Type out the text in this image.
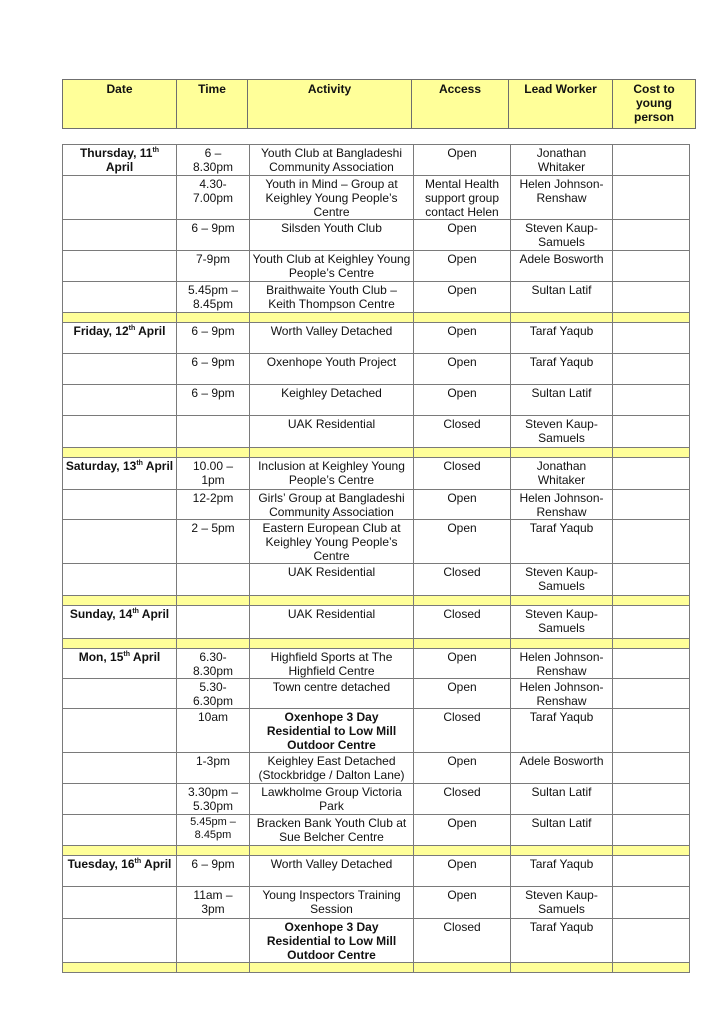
Date	Time	Activity	Access	Lead Worker	Cost to young person
Thursday, 11th April	6 – 8.30pm	Youth Club at Bangladeshi Community Association	Open	Jonathan Whitaker	
	4.30- 7.00pm	Youth in Mind – Group at Keighley Young People’s Centre	Mental Health support group contact Helen	Helen Johnson-Renshaw	
	6 – 9pm	Silsden Youth Club	Open	Steven Kaup-Samuels	
	7-9pm	Youth Club at Keighley Young People’s Centre	Open	Adele Bosworth	
	5.45pm – 8.45pm	Braithwaite Youth Club – Keith Thompson Centre	Open	Sultan Latif	

Friday, 12th April	6 – 9pm	Worth Valley Detached	Open	Taraf Yaqub	
	6 – 9pm	Oxenhope Youth Project	Open	Taraf Yaqub	
	6 – 9pm	Keighley Detached	Open	Sultan Latif	
		UAK Residential	Closed	Steven Kaup-Samuels	

Saturday, 13th April	10.00 – 1pm	Inclusion at Keighley Young People’s Centre	Closed	Jonathan Whitaker	
	12-2pm	Girls’ Group at Bangladeshi Community Association	Open	Helen Johnson-Renshaw	
	2 – 5pm	Eastern European Club at Keighley Young People’s Centre	Open	Taraf Yaqub	
		UAK Residential	Closed	Steven Kaup-Samuels	

Sunday, 14th April		UAK Residential	Closed	Steven Kaup-Samuels	

Mon, 15th April	6.30- 8.30pm	Highfield Sports at The Highfield Centre	Open	Helen Johnson-Renshaw	
	5.30- 6.30pm	Town centre detached	Open	Helen Johnson-Renshaw	
	10am	Oxenhope 3 Day Residential to Low Mill Outdoor Centre	Closed	Taraf Yaqub	
	1-3pm	Keighley East Detached (Stockbridge / Dalton Lane)	Open	Adele Bosworth	
	3.30pm – 5.30pm	Lawkholme Group Victoria Park	Closed	Sultan Latif	
	5.45pm – 8.45pm	Bracken Bank Youth Club at Sue Belcher Centre	Open	Sultan Latif	

Tuesday, 16th April	6 – 9pm	Worth Valley Detached	Open	Taraf Yaqub	
	11am – 3pm	Young Inspectors Training Session	Open	Steven Kaup-Samuels	
		Oxenhope 3 Day Residential to Low Mill Outdoor Centre	Closed	Taraf Yaqub	
